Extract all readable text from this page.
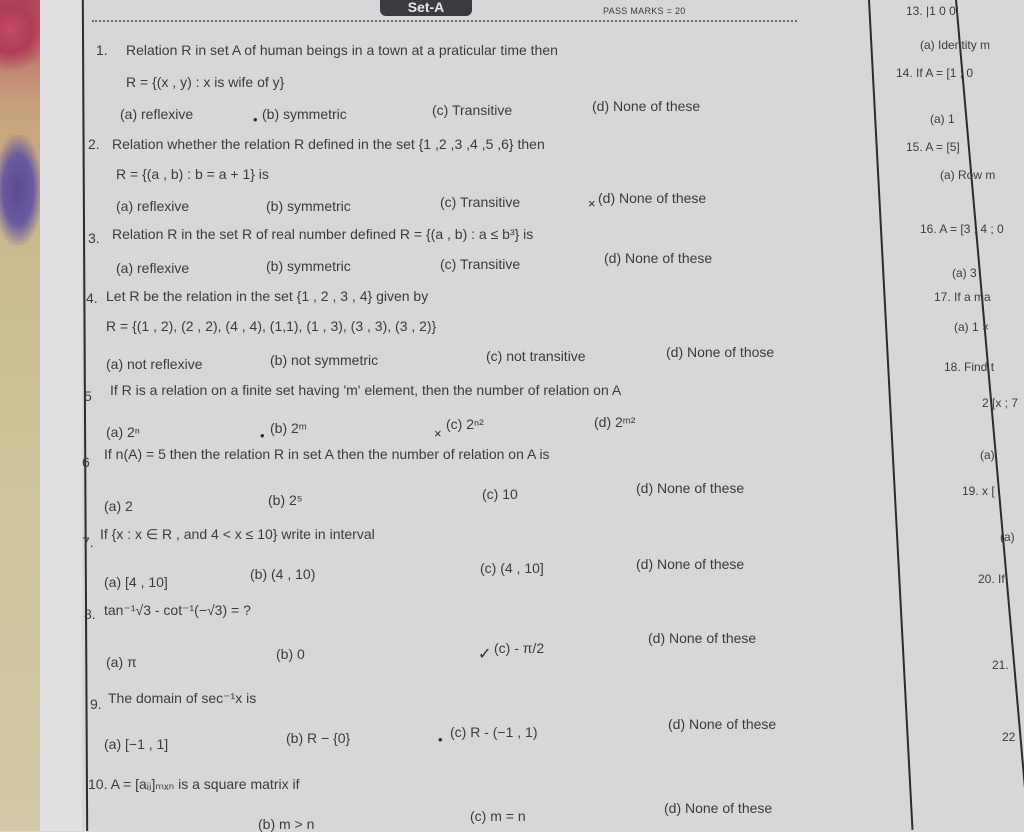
Set-A	PASS MARKS = 20
1. Relation R in set A of human beings in a town at a praticular time then
R = {(x , y) : x is wife of y}
(a) reflexive	• (b) symmetric	(c) Transitive	(d) None of these
2. Relation whether the relation R defined in the set {1 ,2 ,3 ,4 ,5 ,6} then
R = {(a , b) : b = a + 1} is
(a) reflexive	(b) symmetric	(c) Transitive	× (d) None of these
3. Relation R in the set R of real number defined R = {(a , b) : a ≤ b³} is
(a) reflexive	(b) symmetric	(c) Transitive	(d) None of these
4. Let R be the relation in the set {1 , 2 , 3 , 4} given by
R = {(1 , 2), (2 , 2), (4 , 4), (1,1), (1 , 3), (3 , 3), (3 , 2)}
(a) not reflexive	(b) not symmetric	(c) not transitive	(d) None of those
5 If R is a relation on a finite set having 'm' element, then the number of relation on A
(a) 2ⁿ	• (b) 2ᵐ	×
(c) 2ⁿ²	(d) 2ᵐ²
6 If n(A) = 5 then the relation R in set A then the number of relation on A is
(a) 2	(b) 2⁵	(c) 10	(d) None of these
7. If {x : x ∈ R , and 4 < x ≤ 10} write in interval
(a) [4 , 10]	(b) (4 , 10)	(c) (4 , 10]	(d) None of these
8. tan⁻¹√3 - cot⁻¹(−√3) = ?
(a) π	(b) 0	✓ (c) - π/2
(d) None of these
9. The domain of sec⁻¹x is
(a) [−1 , 1]	(b) R − {0}	• (c) R - (−1 , 1)	(d) None of these
10. A = [aᵢⱼ]ₘₓₙ is a square matrix if
(b) m > n	(c) m = n	(d) None of these
13. |1 0 0|
(a) Identity m
14. If A = [1 ; 0
(a) 1
15. A = [5]
(a) Row m
16. A = [3 ; 4 ; 0
(a) 3
17. If a ma
(a) 1 ×
18. Find t
2 [x ; 7
(a)
19. x [
(a)
20. If
21.
22
